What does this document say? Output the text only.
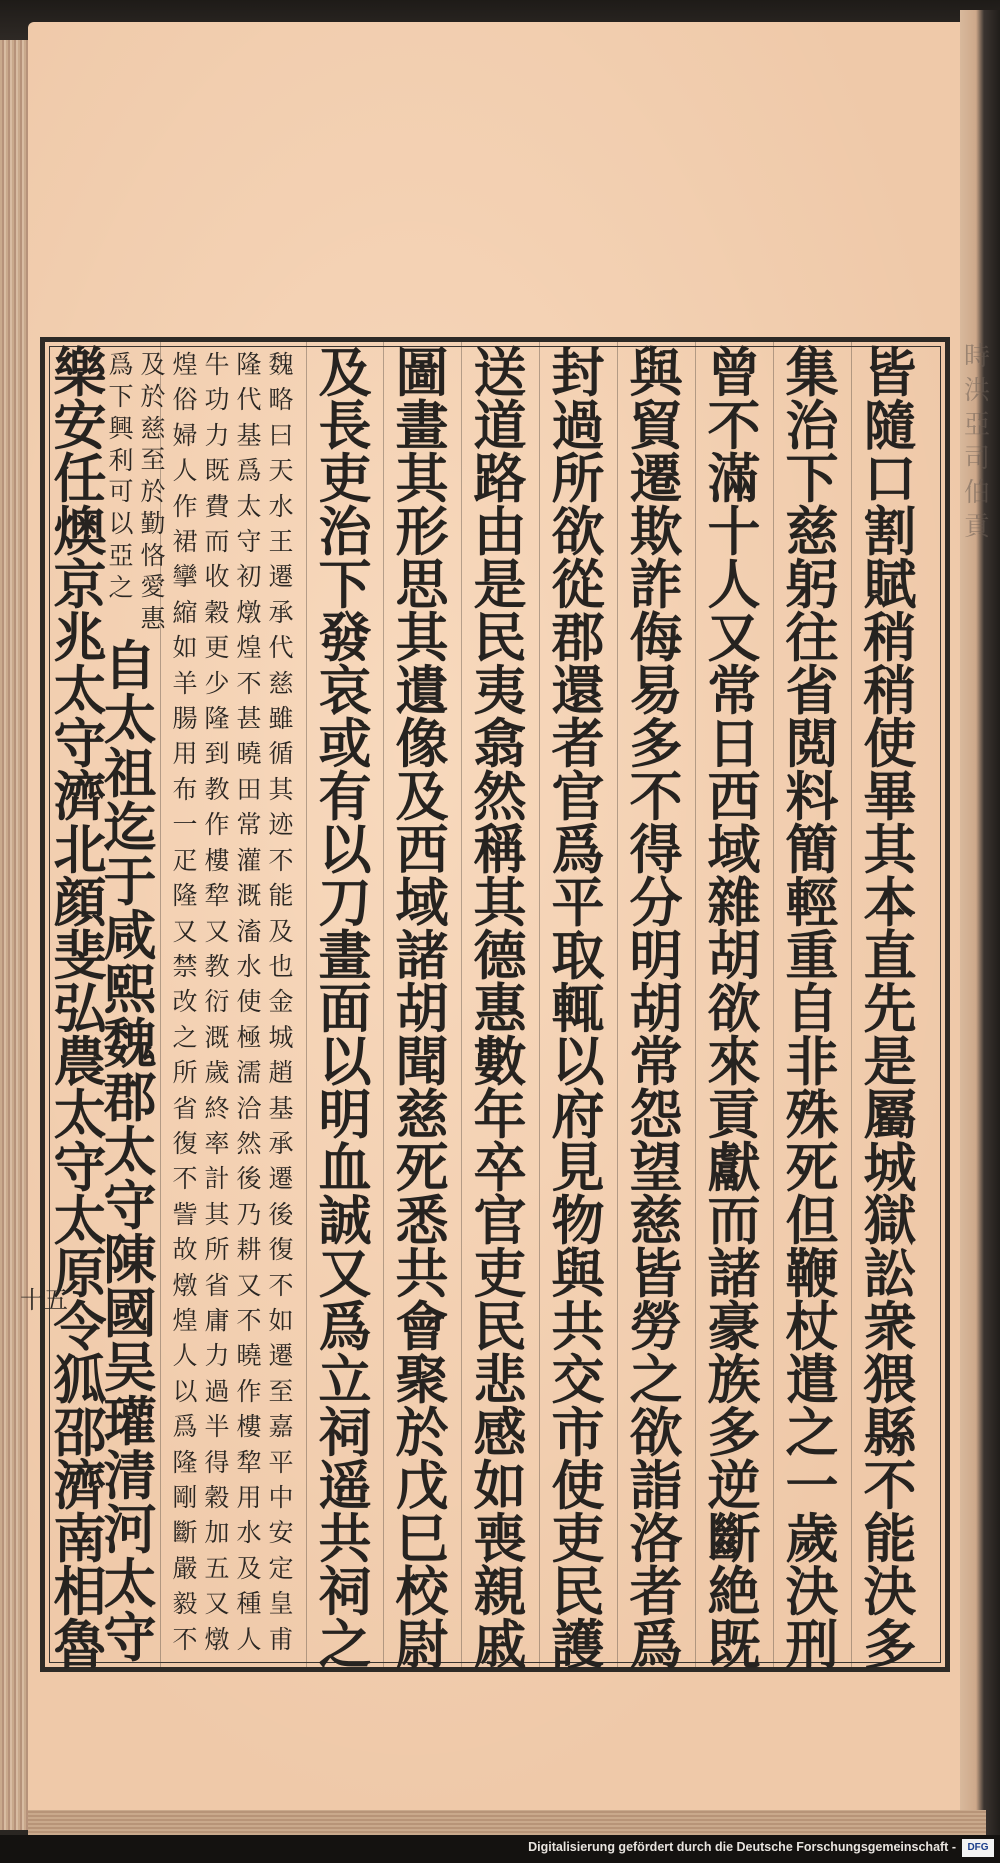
時
洪
亞
司
伯
貢
皆
隨
口
割
賦
稍
稍
使
畢
其
本
直
先
是
屬
城
獄
訟
衆
猥
縣
不
能
決
多
集
治
下
慈
躬
往
省
閲
料
簡
輕
重
自
非
殊
死
但
鞭
杖
遣
之
一
歲
決
刑
曾
不
滿
十
人
又
常
日
西
域
雜
胡
欲
來
貢
獻
而
諸
豪
族
多
逆
斷
絶
既
與
貿
遷
欺
詐
侮
易
多
不
得
分
明
胡
常
怨
望
慈
皆
勞
之
欲
詣
洛
者
爲
封
過
所
欲
從
郡
還
者
官
爲
平
取
輒
以
府
見
物
與
共
交
市
使
吏
民
護
送
道
路
由
是
民
夷
翕
然
稱
其
德
惠
數
年
卒
官
吏
民
悲
感
如
喪
親
戚
圖
畫
其
形
思
其
遺
像
及
西
域
諸
胡
聞
慈
死
悉
共
會
聚
於
戊
巳
校
尉
及
長
吏
治
下
發
哀
或
有
以
刀
畫
面
以
明
血
誠
又
爲
立
祠
遥
共
祠
之
魏
略
曰
天
水
王
遷
承
代
慈
雖
循
其
迹
不
能
及
也
金
城
趙
基
承
遷
後
復
不
如
遷
至
嘉
平
中
安
定
皇
甫
隆
代
基
爲
太
守
初
燉
煌
不
甚
曉
田
常
灌
溉
滀
水
使
極
濡
洽
然
後
乃
耕
又
不
曉
作
樓
犂
用
水
及
種
人
牛
功
力
既
費
而
收
穀
更
少
隆
到
教
作
樓
犂
又
教
衍
溉
歲
終
率
計
其
所
省
庸
力
過
半
得
穀
加
五
又
燉
煌
俗
婦
人
作
裙
攣
縮
如
羊
腸
用
布
一
疋
隆
又
禁
改
之
所
省
復
不
訾
故
燉
煌
人
以
爲
隆
剛
斷
嚴
毅
不
及
於
慈
至
於
勤
恪
愛
惠
爲
下
興
利
可
以
亞
之
自
太
祖
迄
于
咸
熙
魏
郡
太
守
陳
國
吴
瓘
清
河
太
守
樂
安
任
燠
京
兆
太
守
濟
北
顔
斐
弘
農
太
守
太
原
令
狐
邵
濟
南
相
魯
十五
Digitalisierung gefördert durch die Deutsche Forschungsgemeinschaft -	DFG
